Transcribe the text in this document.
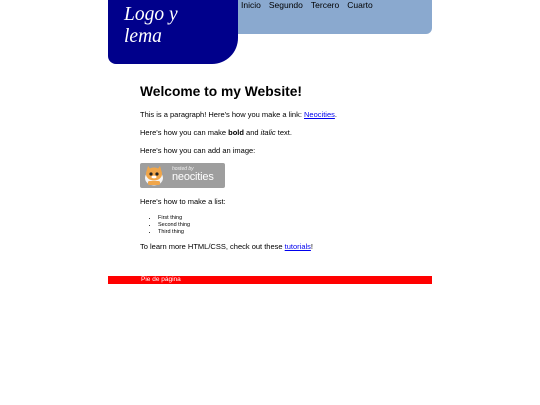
Logo y
lema
Inicio Segundo Tercero Cuarto
Welcome to my Website!

This is a paragraph! Here's how you make a link: Neocities.

Here's how you can make bold and italic text.

Here's how you can add an image:

hosted by
neocities

Here's how to make a list:

• First thing
• Second thing
• Third thing

To learn more HTML/CSS, check out these tutorials!

Pie de página
